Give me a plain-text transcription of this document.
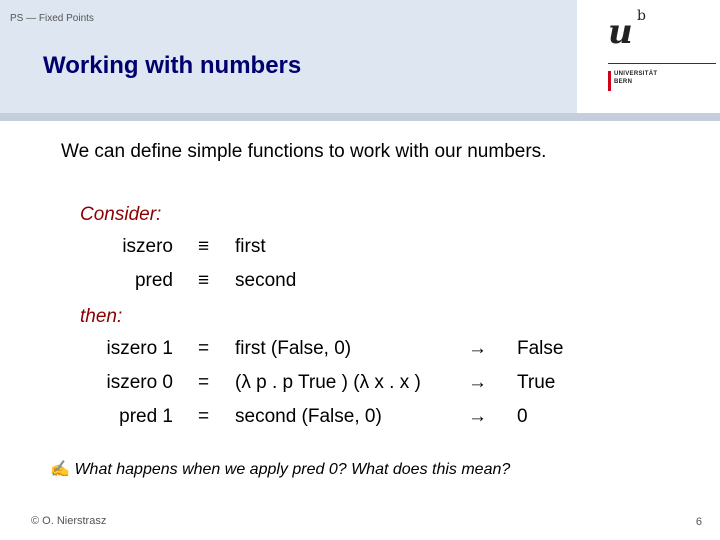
PS — Fixed Points
Working with numbers
u b
UNIVERSITÄT
BERN
We can define simple functions to work with our numbers.
Consider:
iszero ≡ first
pred ≡ second
then:
iszero 1 = first (False, 0)	→ False
iszero 0 = (λ p . p True ) (λ x . x ) → True
pred 1 = second (False, 0)	→ 0
✍ What happens when we apply pred 0? What does this mean?
© O. Nierstrasz	6
